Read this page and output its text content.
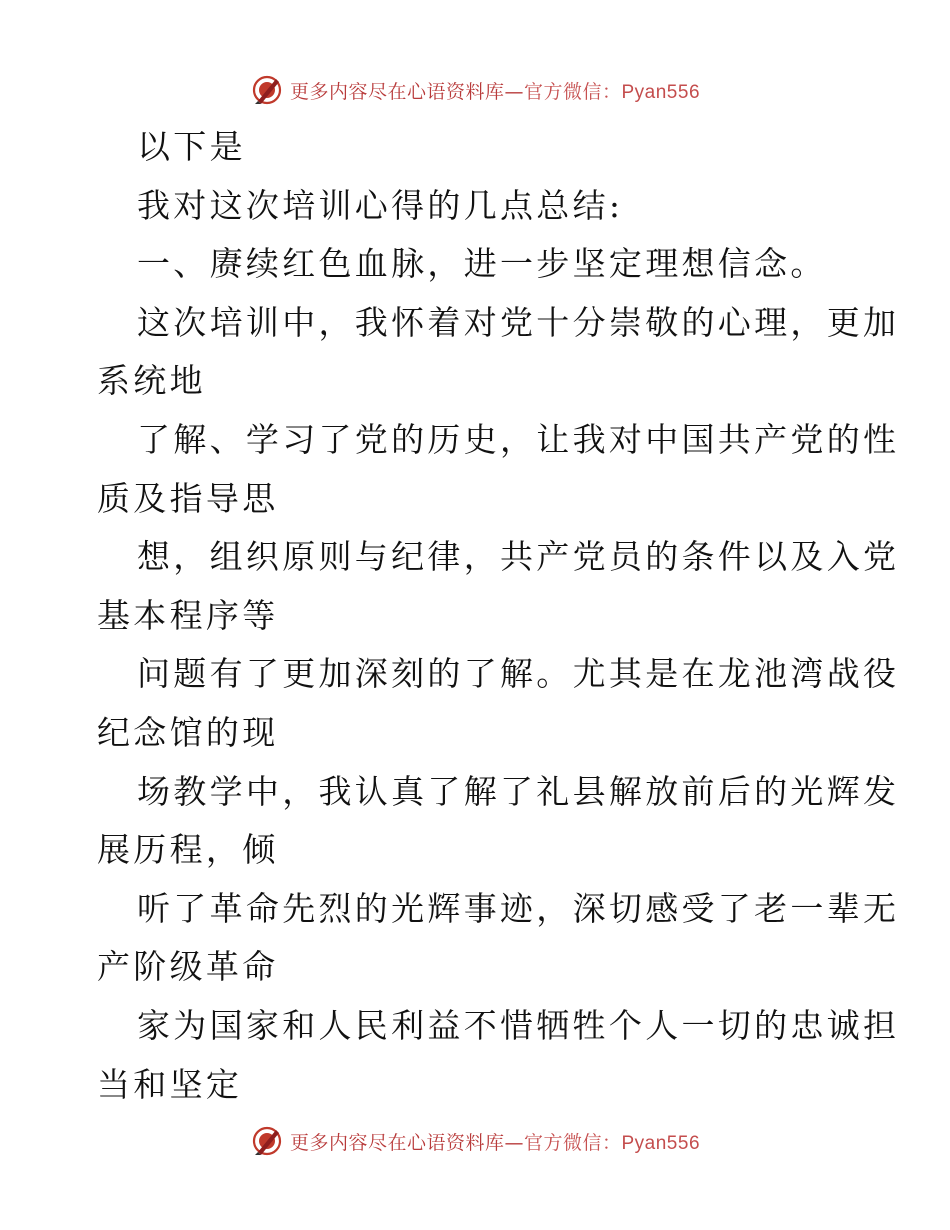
更多内容尽在心语资料库—官方微信：Pyan556
以下是
我对这次培训心得的几点总结:
一、赓续红色血脉，进一步坚定理想信念。
这次培训中，我怀着对党十分崇敬的心理，更加
系统地
了解、学习了党的历史，让我对中国共产党的性
质及指导思
想，组织原则与纪律，共产党员的条件以及入党
基本程序等
问题有了更加深刻的了解。尤其是在龙池湾战役
纪念馆的现
场教学中，我认真了解了礼县解放前后的光辉发
展历程，倾
听了革命先烈的光辉事迹，深切感受了老一辈无
产阶级革命
家为国家和人民利益不惜牺牲个人一切的忠诚担
当和坚定
更多内容尽在心语资料库—官方微信：Pyan556
